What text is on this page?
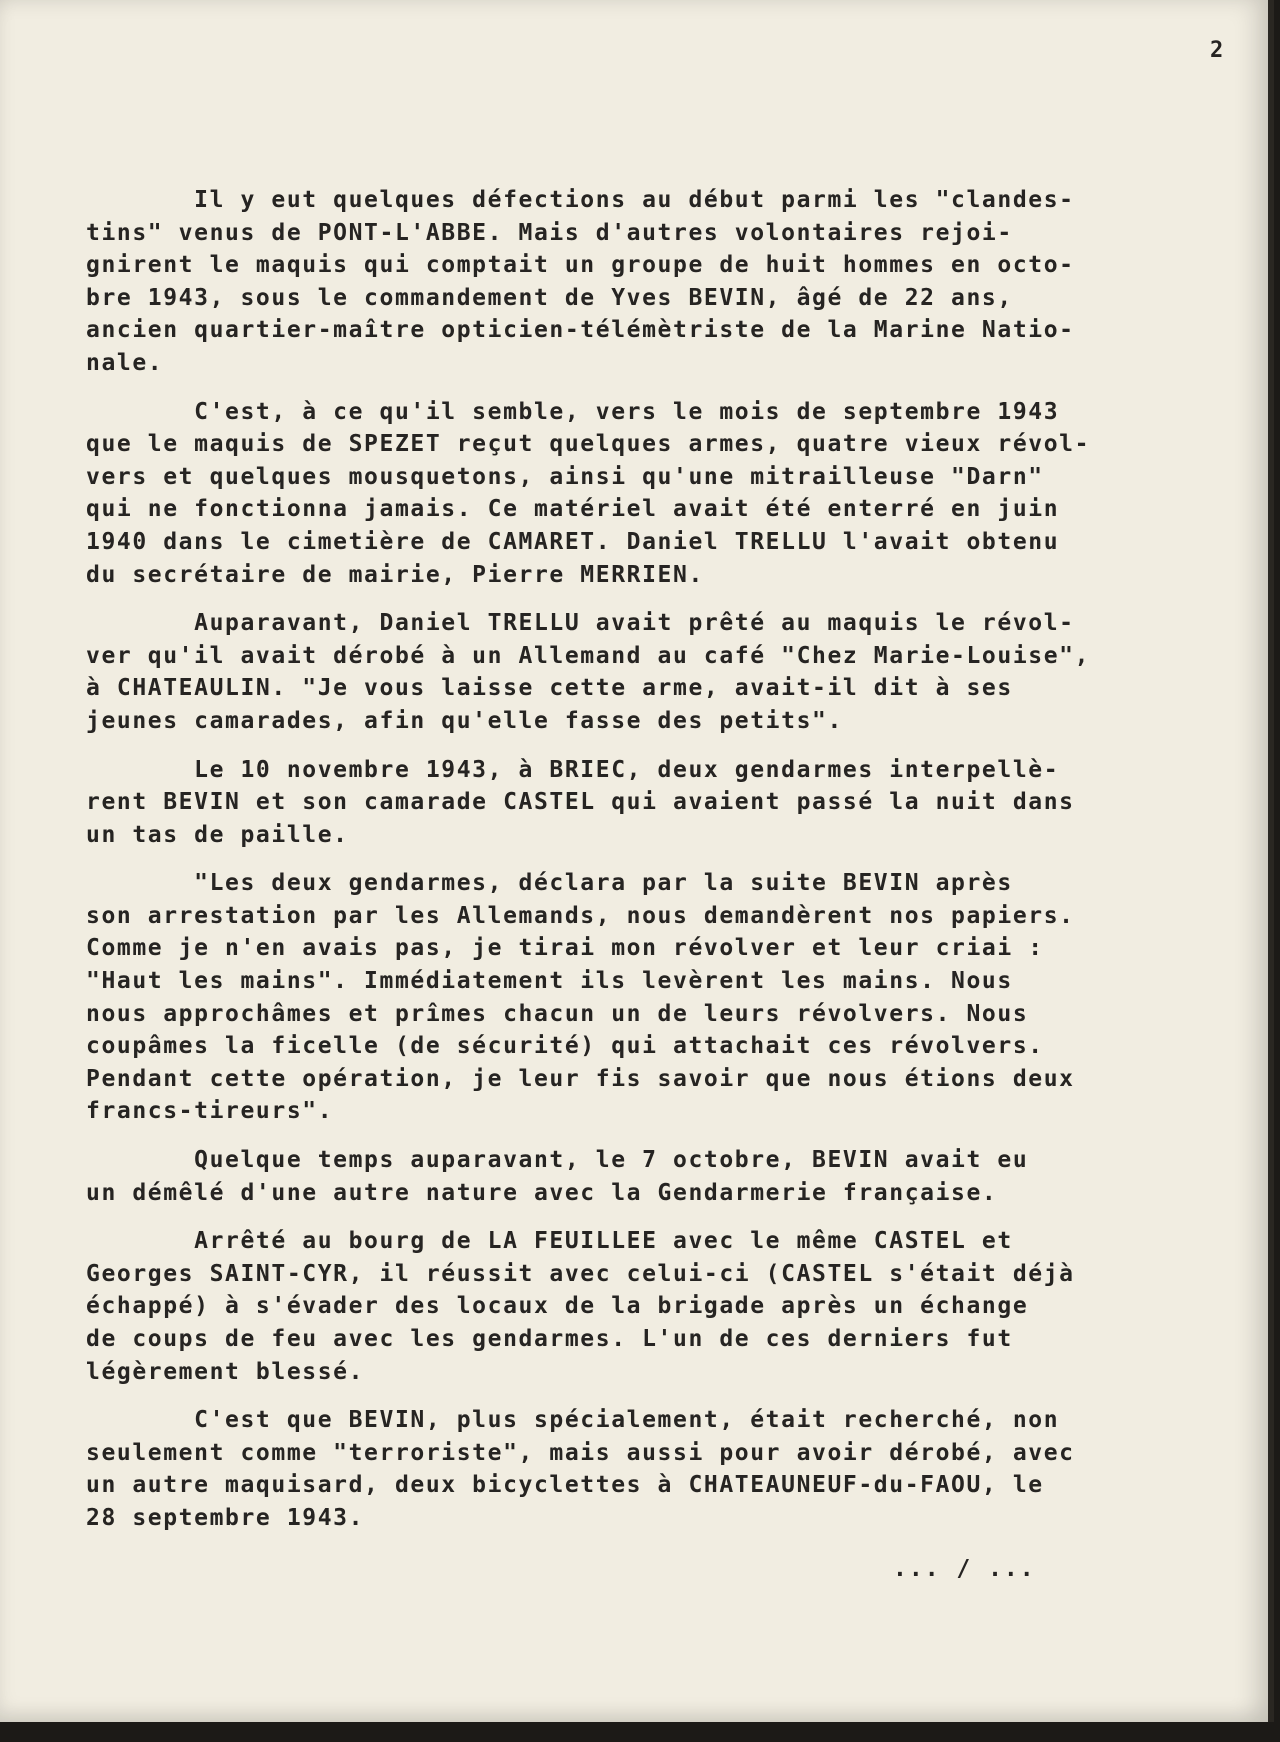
2
Il y eut quelques défections au début parmi les "clandes-
tins" venus de PONT-L'ABBE. Mais d'autres volontaires rejoi-
gnirent le maquis qui comptait un groupe de huit hommes en octo-
bre 1943, sous le commandement de Yves BEVIN, âgé de 22 ans,
ancien quartier-maître opticien-télémètriste de la Marine Natio-
nale.
C'est, à ce qu'il semble, vers le mois de septembre 1943
que le maquis de SPEZET reçut quelques armes, quatre vieux révol-
vers et quelques mousquetons, ainsi qu'une mitrailleuse "Darn"
qui ne fonctionna jamais. Ce matériel avait été enterré en juin
1940 dans le cimetière de CAMARET. Daniel TRELLU l'avait obtenu
du secrétaire de mairie, Pierre MERRIEN.
Auparavant, Daniel TRELLU avait prêté au maquis le révol-
ver qu'il avait dérobé à un Allemand au café "Chez Marie-Louise",
à CHATEAULIN. "Je vous laisse cette arme, avait-il dit à ses
jeunes camarades, afin qu'elle fasse des petits".
Le 10 novembre 1943, à BRIEC, deux gendarmes interpellè-
rent BEVIN et son camarade CASTEL qui avaient passé la nuit dans
un tas de paille.
"Les deux gendarmes, déclara par la suite BEVIN après
son arrestation par les Allemands, nous demandèrent nos papiers.
Comme je n'en avais pas, je tirai mon révolver et leur criai :
"Haut les mains". Immédiatement ils levèrent les mains. Nous
nous approchâmes et prîmes chacun un de leurs révolvers. Nous
coupâmes la ficelle (de sécurité) qui attachait ces révolvers.
Pendant cette opération, je leur fis savoir que nous étions deux
francs-tireurs".
Quelque temps auparavant, le 7 octobre, BEVIN avait eu
un démêlé d'une autre nature avec la Gendarmerie française.
Arrêté au bourg de LA FEUILLEE avec le même CASTEL et
Georges SAINT-CYR, il réussit avec celui-ci (CASTEL s'était déjà
échappé) à s'évader des locaux de la brigade après un échange
de coups de feu avec les gendarmes. L'un de ces derniers fut
légèrement blessé.
C'est que BEVIN, plus spécialement, était recherché, non
seulement comme "terroriste", mais aussi pour avoir dérobé, avec
un autre maquisard, deux bicyclettes à CHATEAUNEUF-du-FAOU, le
28 septembre 1943.
... / ...
